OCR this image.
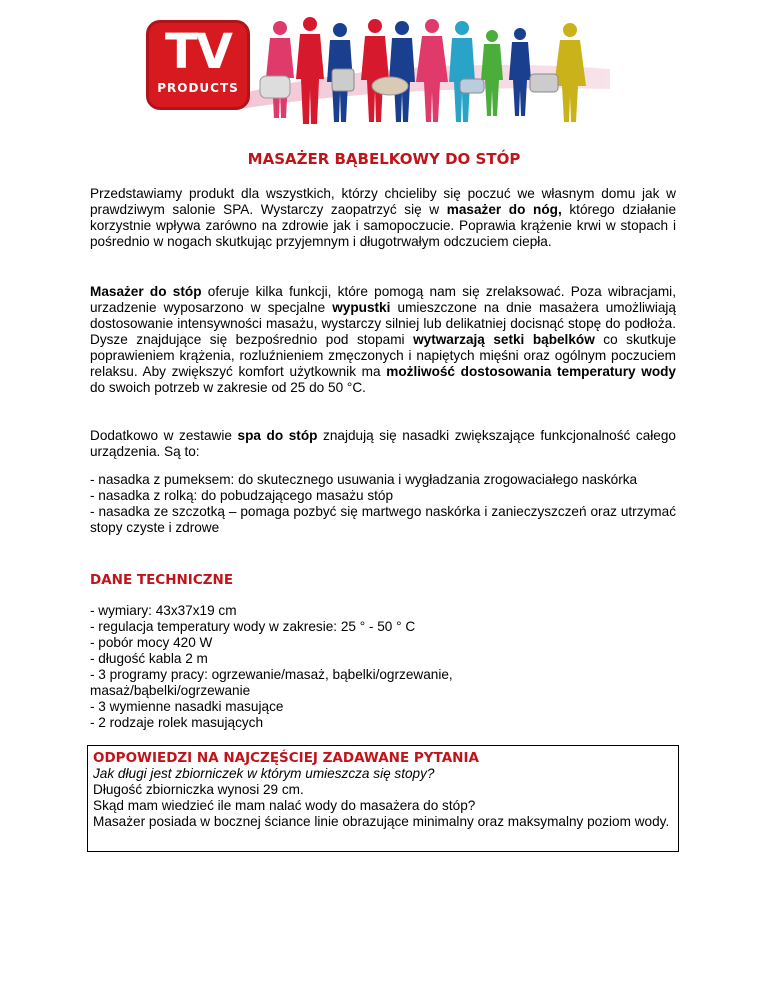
TV
PRODUCTS
MASAŻER BĄBELKOWY DO STÓP

Przedstawiamy produkt dla wszystkich, którzy chcieliby się poczuć we własnym domu jak w prawdziwym salonie SPA. Wystarczy zaopatrzyć się w masażer do nóg, którego działanie korzystnie wpływa zarówno na zdrowie jak i samopoczucie. Poprawia krążenie krwi w stopach i pośrednio w nogach skutkując przyjemnym i długotrwałym odczuciem ciepła.

Masażer do stóp oferuje kilka funkcji, które pomogą nam się zrelaksować. Poza wibracjami, urzadzenie wyposarzono w specjalne wypustki umieszczone na dnie masażera umożliwiają dostosowanie intensywności masażu, wystarczy silniej lub delikatniej docisnąć stopę do podłoża. Dysze znajdujące się bezpośrednio pod stopami wytwarzają setki bąbelków co skutkuje poprawieniem krążenia, rozluźnieniem zmęczonych i napiętych mięśni oraz ogólnym poczuciem relaksu. Aby zwiększyć komfort użytkownik ma możliwość dostosowania temperatury wody do swoich potrzeb w zakresie od 25 do 50 °C.

Dodatkowo w zestawie spa do stóp znajdują się nasadki zwiększające funkcjonalność całego urządzenia. Są to:

- nasadka z pumeksem: do skutecznego usuwania i wygładzania zrogowaciałego naskórka

- nasadka z rolką: do pobudzającego masażu stóp

- nasadka ze szczotką – pomaga pozbyć się martwego naskórka i zanieczyszczeń oraz utrzymać stopy czyste i zdrowe

DANE TECHNICZNE
- wymiary: 43x37x19 cm
- regulacja temperatury wody w zakresie: 25 ° - 50 ° C
- pobór mocy 420 W
- długość kabla 2 m
- 3 programy pracy: ogrzewanie/masaż, bąbelki/ogrzewanie, masaż/bąbelki/ogrzewanie
- 3 wymienne nasadki masujące
- 2 rodzaje rolek masujących
ODPOWIEDZI NA NAJCZĘŚCIEJ ZADAWANE PYTANIA
Jak długi jest zbiorniczek w którym umieszcza się stopy?
Długość zbiorniczka wynosi 29 cm.
Skąd mam wiedzieć ile mam nalać wody do masażera do stóp?
Masażer posiada w bocznej ściance linie obrazujące minimalny oraz maksymalny poziom wody.
